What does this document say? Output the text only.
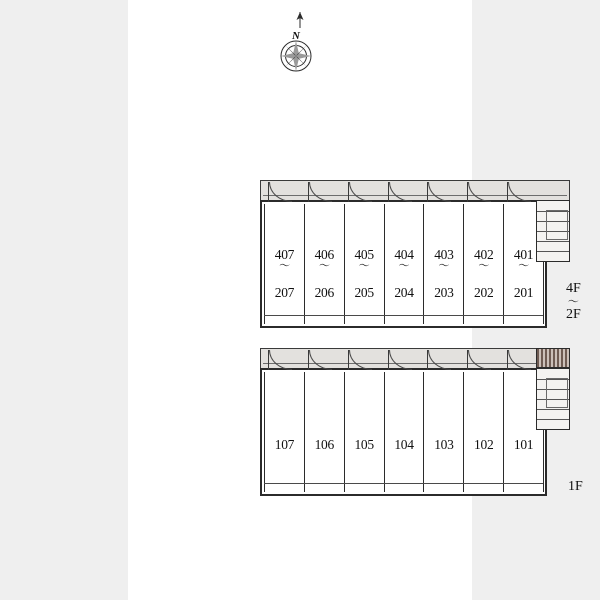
N

407

〜

207

406

〜

206

405

〜

205

404

〜

204

403

〜

203

402

〜

202

401

〜

201 4F
〜
2F

107 106 105 104 103 102 101

1F
